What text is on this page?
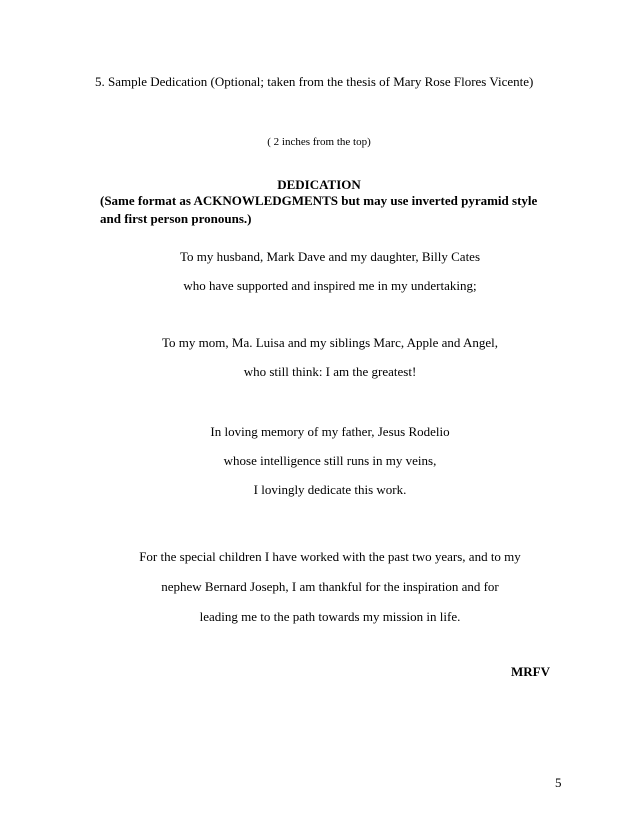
5. Sample Dedication (Optional; taken from the thesis of Mary Rose Flores Vicente)
( 2 inches from the top)
DEDICATION
(Same format as ACKNOWLEDGMENTS but may use inverted pyramid style
and first person pronouns.)
To my husband, Mark Dave and my daughter, Billy Cates
who have supported and inspired me in my undertaking;
To my mom, Ma. Luisa and my siblings Marc, Apple and Angel,
who still think: I am the greatest!
In loving memory of my father, Jesus Rodelio
whose intelligence still runs in my veins,
I lovingly dedicate this work.
For the special children I have worked with the past two years, and to my
nephew Bernard Joseph, I am thankful for the inspiration and for
leading me to the path towards my mission in life.
MRFV
5
